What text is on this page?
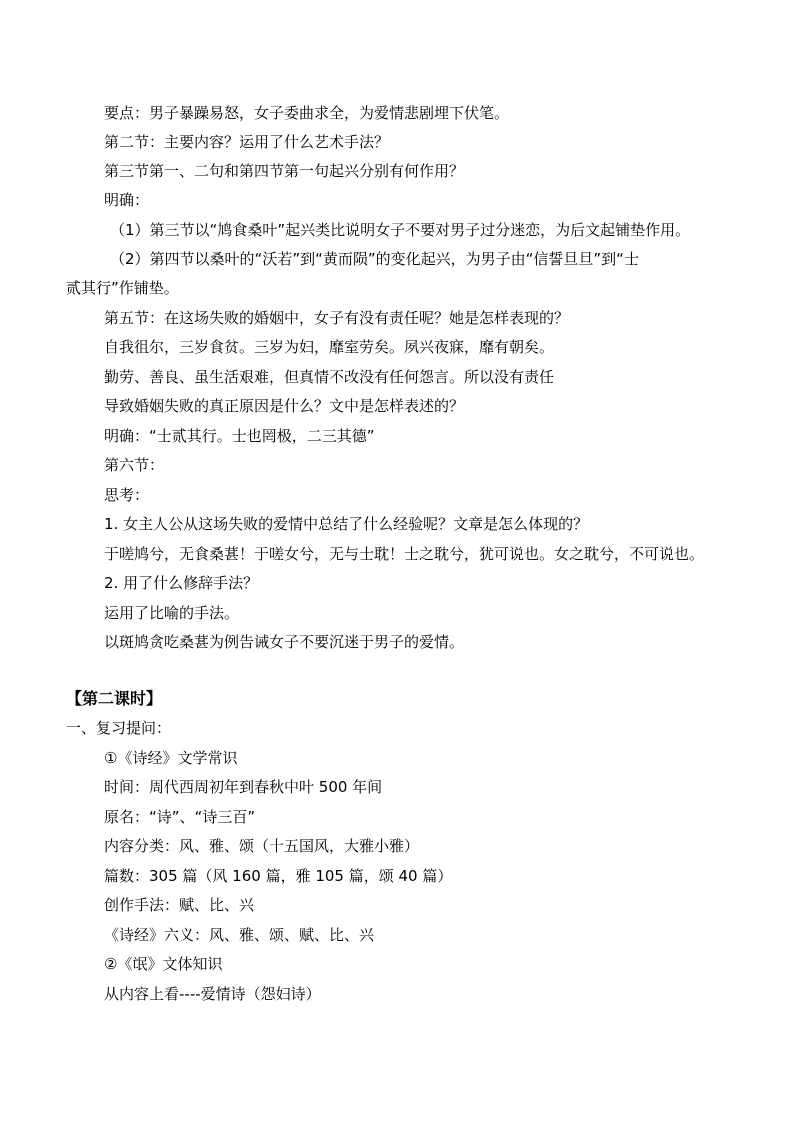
要点：男子暴躁易怒，女子委曲求全，为爱情悲剧埋下伏笔。
第二节：主要内容？运用了什么艺术手法？
第三节第一、二句和第四节第一句起兴分别有何作用？
明确：
（1）第三节以“鸠食桑叶”起兴类比说明女子不要对男子过分迷恋，为后文起铺垫作用。
（2）第四节以桑叶的“沃若”到“黄而陨”的变化起兴，为男子由“信誓旦旦”到“士
贰其行”作铺垫。
第五节：在这场失败的婚姻中，女子有没有责任呢？她是怎样表现的？
自我徂尔，三岁食贫。三岁为妇，靡室劳矣。夙兴夜寐，靡有朝矣。
勤劳、善良、虽生活艰难，但真情不改没有任何怨言。所以没有责任
导致婚姻失败的真正原因是什么？文中是怎样表述的？
明确：“士贰其行。士也罔极，二三其德”
第六节：
思考：
1. 女主人公从这场失败的爱情中总结了什么经验呢？文章是怎么体现的？
于嗟鸠兮，无食桑葚！于嗟女兮，无与士耽！士之耽兮，犹可说也。女之耽兮，不可说也。
2. 用了什么修辞手法？
运用了比喻的手法。
以斑鸠贪吃桑葚为例告诫女子不要沉迷于男子的爱情。
【第二课时】
一、复习提问：
①《诗经》文学常识
时间：周代西周初年到春秋中叶 500 年间
原名：“诗”、“诗三百”
内容分类：风、雅、颂（十五国风，大雅小雅）
篇数：305 篇（风 160 篇，雅 105 篇，颂 40 篇）
创作手法：赋、比、兴
《诗经》六义：风、雅、颂、赋、比、兴
②《氓》文体知识
从内容上看----爱情诗（怨妇诗）
